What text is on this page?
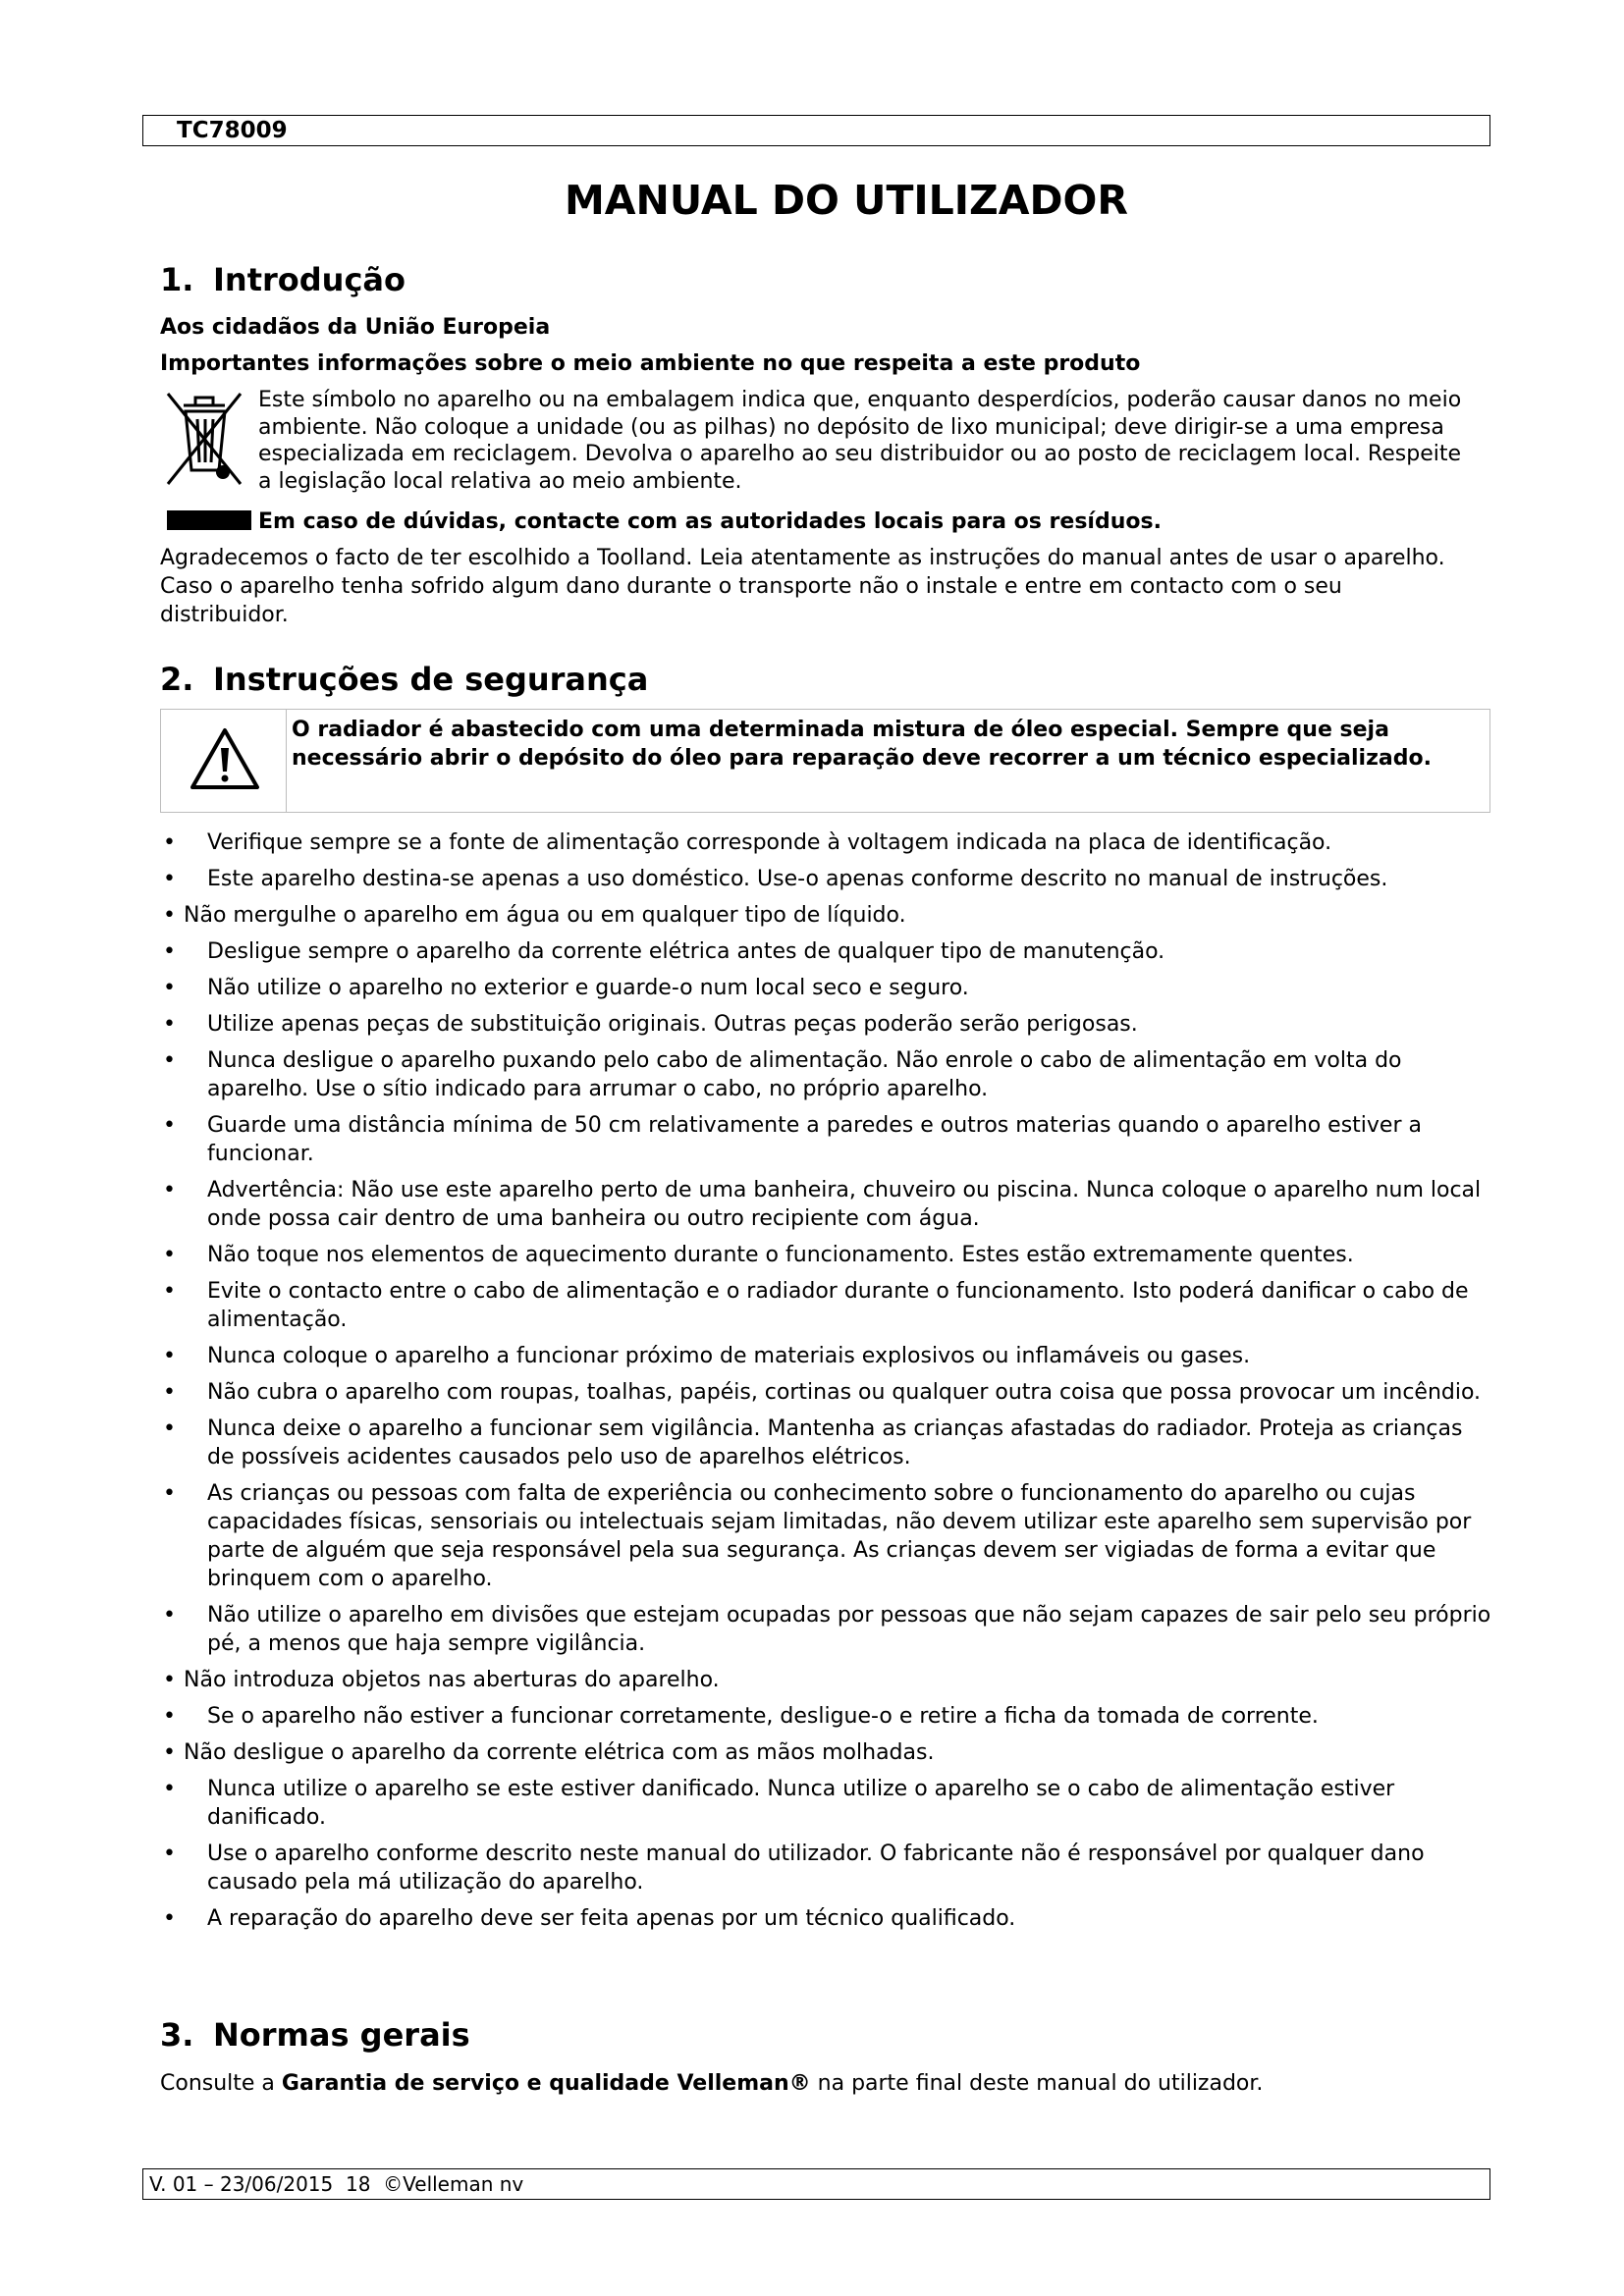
TC78009
MANUAL DO UTILIZADOR
1. Introdução
Aos cidadãos da União Europeia
Importantes informações sobre o meio ambiente no que respeita a este produto
Este símbolo no aparelho ou na embalagem indica que, enquanto desperdícios, poderão causar danos no meio ambiente. Não coloque a unidade (ou as pilhas) no depósito de lixo municipal; deve dirigir-se a uma empresa especializada em reciclagem. Devolva o aparelho ao seu distribuidor ou ao posto de reciclagem local. Respeite a legislação local relativa ao meio ambiente.
Em caso de dúvidas, contacte com as autoridades locais para os resíduos.
Agradecemos o facto de ter escolhido a Toolland. Leia atentamente as instruções do manual antes de usar o aparelho. Caso o aparelho tenha sofrido algum dano durante o transporte não o instale e entre em contacto com o seu distribuidor.
2. Instruções de segurança
O radiador é abastecido com uma determinada mistura de óleo especial. Sempre que seja necessário abrir o depósito do óleo para reparação deve recorrer a um técnico especializado.
• Verifique sempre se a fonte de alimentação corresponde à voltagem indicada na placa de identificação.
• Este aparelho destina-se apenas a uso doméstico. Use-o apenas conforme descrito no manual de instruções.
• Não mergulhe o aparelho em água ou em qualquer tipo de líquido.
• Desligue sempre o aparelho da corrente elétrica antes de qualquer tipo de manutenção.
• Não utilize o aparelho no exterior e guarde-o num local seco e seguro.
• Utilize apenas peças de substituição originais. Outras peças poderão serão perigosas.
• Nunca desligue o aparelho puxando pelo cabo de alimentação. Não enrole o cabo de alimentação em volta do aparelho. Use o sítio indicado para arrumar o cabo, no próprio aparelho.
• Guarde uma distância mínima de 50 cm relativamente a paredes e outros materias quando o aparelho estiver a funcionar.
• Advertência: Não use este aparelho perto de uma banheira, chuveiro ou piscina. Nunca coloque o aparelho num local onde possa cair dentro de uma banheira ou outro recipiente com água.
• Não toque nos elementos de aquecimento durante o funcionamento. Estes estão extremamente quentes.
• Evite o contacto entre o cabo de alimentação e o radiador durante o funcionamento. Isto poderá danificar o cabo de alimentação.
• Nunca coloque o aparelho a funcionar próximo de materiais explosivos ou inflamáveis ou gases.
• Não cubra o aparelho com roupas, toalhas, papéis, cortinas ou qualquer outra coisa que possa provocar um incêndio.
• Nunca deixe o aparelho a funcionar sem vigilância. Mantenha as crianças afastadas do radiador. Proteja as crianças de possíveis acidentes causados pelo uso de aparelhos elétricos.
• As crianças ou pessoas com falta de experiência ou conhecimento sobre o funcionamento do aparelho ou cujas capacidades físicas, sensoriais ou intelectuais sejam limitadas, não devem utilizar este aparelho sem supervisão por parte de alguém que seja responsável pela sua segurança. As crianças devem ser vigiadas de forma a evitar que brinquem com o aparelho.
• Não utilize o aparelho em divisões que estejam ocupadas por pessoas que não sejam capazes de sair pelo seu próprio pé, a menos que haja sempre vigilância.
• Não introduza objetos nas aberturas do aparelho.
• Se o aparelho não estiver a funcionar corretamente, desligue-o e retire a ficha da tomada de corrente.
• Não desligue o aparelho da corrente elétrica com as mãos molhadas.
• Nunca utilize o aparelho se este estiver danificado. Nunca utilize o aparelho se o cabo de alimentação estiver danificado.
• Use o aparelho conforme descrito neste manual do utilizador. O fabricante não é responsável por qualquer dano causado pela má utilização do aparelho.
• A reparação do aparelho deve ser feita apenas por um técnico qualificado.
3. Normas gerais
Consulte a Garantia de serviço e qualidade Velleman® na parte final deste manual do utilizador.
V. 01 – 23/06/2015  18  ©Velleman nv
